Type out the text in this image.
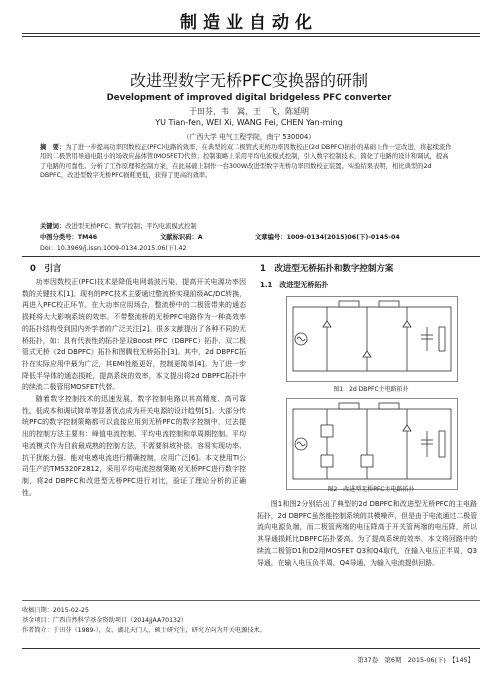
制造业自动化
改进型数字无桥PFC变换器的研制
Development of improved digital bridgeless PFC converter
于田芬，韦　嵩，王　飞，陈延明
YU Tian-fen, WEI Xi, WANG Fei, CHEN Yan-ming
（广西大学 电气工程学院，南宁 530004）
摘　要：为了进一步提高功率因数校正(PFC)电路的效率，在典型的双二极管式无桥功率因数校正(2d DBPFC)拓扑的基础上作一定改进，将起续流作用的二极管用导通电阻小的场效应晶体管(MOSFET)代替；控制策略上采用平均电流模式控制，引入数字控制技术，简化了电路的设计和调试，提高了电路的可靠性。分析了工作原理和控制方案，在此基础上制作一台300W改进型数字无桥功率因数校正装置。实验结果表明，相比典型的2d DBPFC，改进型数字无桥PFC损耗更低，获得了更高的效率。
关键词：改进型无桥PFC；数字控制；平均电流模式控制
中图分类号：TM46	文献标识码：A	文章编号：1009-0134(2015)06(下)-0145-04
Doi：10.3969/j.issn.1009-0134.2015.06(下).42
0　引言

功率因数校正(PFC)技术是降低电网谐波污染，提高开关电源功率因数的关键技术[1]。现有的PFC技术主要通过整流桥实现前级AC/DC转换，再进入PFC校正环节。在大功率应用场合，整流桥中的二极管带来的通态损耗将大大影响系统的效率。不带整流桥的无桥PFC电路作为一种高效率的拓扑结构受到国内外学者的广泛关注[2]。很多文献提出了各种不同的无桥拓扑，如：具有代表性的拓扑是双Boost PFC（DBPFC）拓扑、双二极管式无桥（2d DBPFC）拓扑和图腾柱无桥拓扑[3]。其中，2d DBPFC拓扑在实际应用中最为广泛，其EMI性能更好，控制更简单[4]。为了进一步降低半导体的通态损耗，提高系统的效率，本文提出将2d DBPFC拓扑中的续流二极管用MOSFET代替。

随着数字控制技术的迅速发展，数字控制电路以其高精度、高可靠性、低成本和调试简单等显著优点成为开关电源的设计趋势[5]。大部分传统PFC的数字控制策略都可以直接应用到无桥PFC的数字控制中，过去提出的控制方法主要有：峰值电流控制、平均电流控制和单周期控制。平均电流模式作为目前最成熟的控制方法，不需要斜坡补偿、容易实现功率、抗干扰能力强、能对电感电流进行精确控制，应用广泛[6]。本文使用TI公司生产的TMS320F2812，采用平均电流控制策略对无桥PFC进行数字控制，将2d DBPFC和改进型无桥PFC进行对比，验证了理论分析的正确性。

1　改进型无桥拓扑和数字控制方案
1.1　改进型无桥拓扑
图1　2d DBPFC主电路拓扑
图2　改进型无桥PFC主电路拓扑
图1和图2分别给出了典型的2d DBPFC和改进型无桥PFC的主电路拓扑，2d DBPFC虽然能控制系统的共模噪声，但是由于电流通过二极管流向电源负端，而二极管两端的电压降高于开关管两端的电压降，所以其导通损耗比DBPFC拓扑要高。为了提高系统的效率，本文将回路中的续流二极管D1和D2用MOSFET Q3和Q4取代，在输入电压正半周，Q3导通，在输入电压负半周，Q4导通，为输入电流提供回路。
收稿日期：2015-02-25
基金项目：广西自然科学基金资助项目（2014jjAA70132）
作者简介：于田芬（1989-），女，湖北天门人，硕士研究生，研究方向为开关电源技术。
第37卷　第6期　2015-06(下)　【145】
